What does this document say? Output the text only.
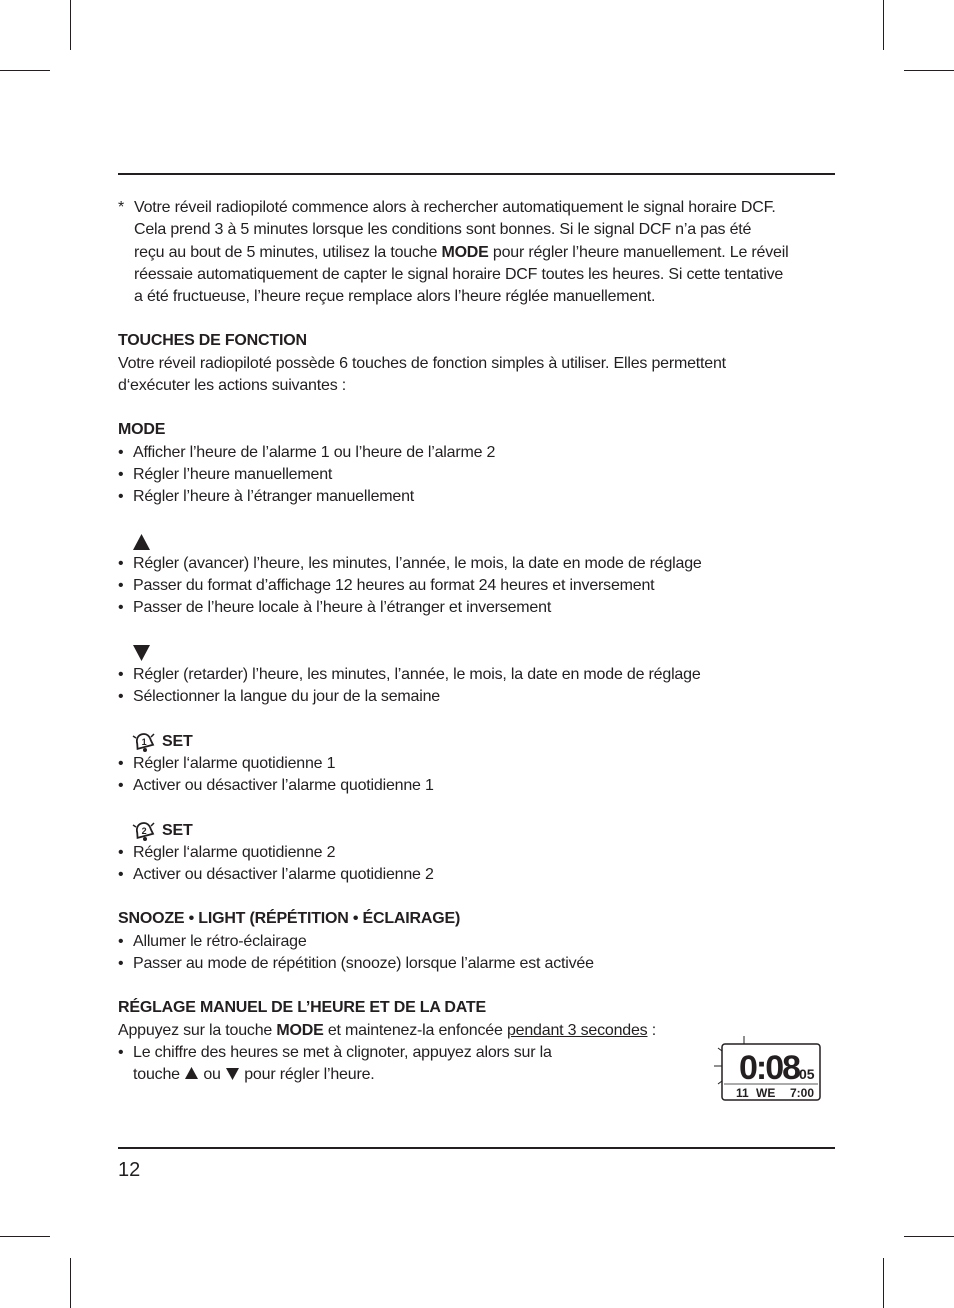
* Votre réveil radiopiloté commence alors à rechercher automatiquement le signal horaire DCF.

Cela prend 3 à 5 minutes lorsque les conditions sont bonnes. Si le signal DCF n’a pas été

reçu au bout de 5 minutes, utilisez la touche MODE pour régler l’heure manuellement. Le réveil

réessaie automatiquement de capter le signal horaire DCF toutes les heures. Si cette tentative

a été fructueuse, l’heure reçue remplace alors l’heure réglée manuellement.

TOUCHES DE FONCTION

Votre réveil radiopiloté possède 6 touches de fonction simples à utiliser. Elles permettent

d‘exécuter les actions suivantes :

MODE
• Afficher l’heure de l’alarme 1 ou l’heure de l’alarme 2
• Régler l’heure manuellement
• Régler l’heure à l’étranger manuellement
• Régler (avancer) l’heure, les minutes, l’année, le mois, la date en mode de réglage
• Passer du format d’affichage 12 heures au format 24 heures et inversement
• Passer de l’heure locale à l’heure à l’étranger et inversement
• Régler (retarder) l’heure, les minutes, l’année, le mois, la date en mode de réglage
• Sélectionner la langue du jour de la semaine
1 SET
• Régler l‘alarme quotidienne 1
• Activer ou désactiver l’alarme quotidienne 1
2 SET
• Régler l‘alarme quotidienne 2
• Activer ou désactiver l’alarme quotidienne 2
SNOOZE • LIGHT (RÉPÉTITION • ÉCLAIRAGE)
• Allumer le rétro-éclairage
• Passer au mode de répétition (snooze) lorsque l’alarme est activée
RÉGLAGE MANUEL DE L’HEURE ET DE LA DATE

Appuyez sur la touche MODE et maintenez-la enfoncée pendant 3 secondes :

• Le chiffre des heures se met à clignoter, appuyez alors sur la
touche  ou  pour régler l’heure.	0:08 05
11 WE 7:00
12
